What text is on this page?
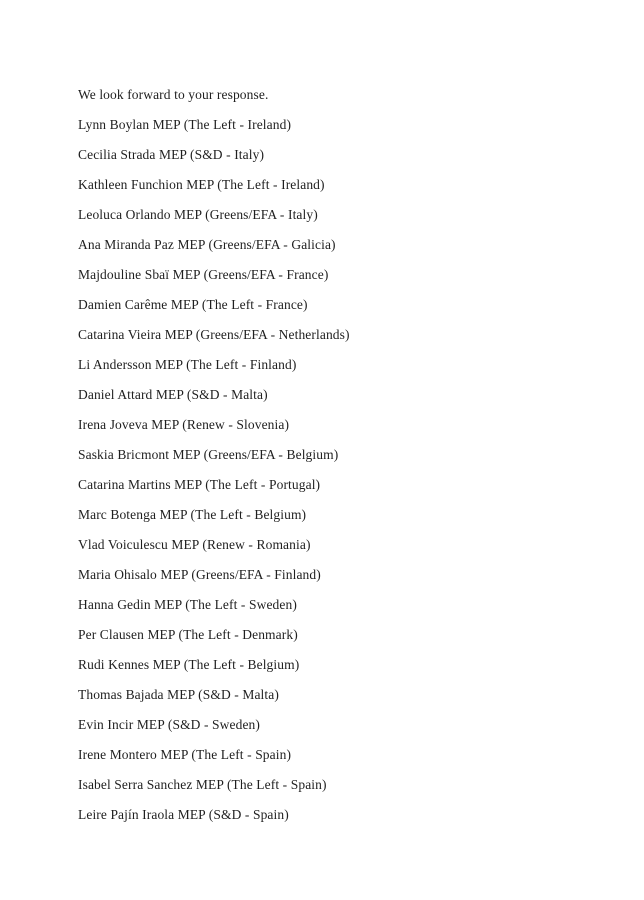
We look forward to your response.

Lynn Boylan MEP (The Left - Ireland)

Cecilia Strada MEP (S&D - Italy)

Kathleen Funchion MEP (The Left - Ireland)

Leoluca Orlando MEP (Greens/EFA - Italy)

Ana Miranda Paz MEP (Greens/EFA - Galicia)

Majdouline Sbaï MEP (Greens/EFA - France)

Damien Carême MEP (The Left - France)

Catarina Vieira MEP (Greens/EFA - Netherlands)

Li Andersson MEP (The Left - Finland)

Daniel Attard MEP (S&D - Malta)

Irena Joveva MEP (Renew - Slovenia)

Saskia Bricmont MEP (Greens/EFA - Belgium)

Catarina Martins MEP (The Left - Portugal)

Marc Botenga MEP (The Left - Belgium)

Vlad Voiculescu MEP (Renew - Romania)

Maria Ohisalo MEP (Greens/EFA - Finland)

Hanna Gedin MEP (The Left - Sweden)

Per Clausen MEP (The Left - Denmark)

Rudi Kennes MEP (The Left - Belgium)

Thomas Bajada MEP (S&D - Malta)

Evin Incir MEP (S&D - Sweden)

Irene Montero MEP (The Left - Spain)

Isabel Serra Sanchez MEP (The Left - Spain)

Leire Pajín Iraola MEP (S&D - Spain)
